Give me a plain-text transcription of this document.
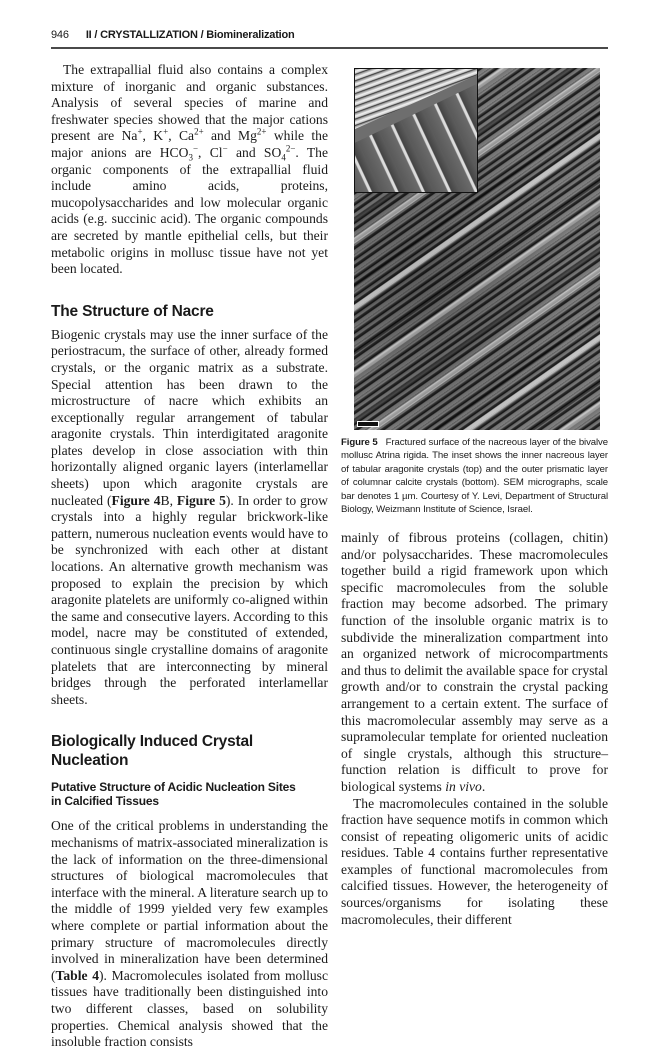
946 II / CRYSTALLIZATION / Biomineralization

The extrapallial fluid also contains a complex mixture of inorganic and organic substances. Analysis of several species of marine and freshwater species showed that the major cations present are Na+, K+, $Ca^{2+}$ and $Mg^{2+}$ while the major anions are $HCO_3^-$, Cl− and $SO_4^{2-}$. The organic components of the extrapallial fluid include amino acids, proteins, mucopolysaccharides and low molecular organic acids (e.g. succinic acid). The organic compounds are secreted by mantle epithelial cells, but their metabolic origins in mollusc tissue have not yet been located.

The Structure of Nacre

Biogenic crystals may use the inner surface of the periostracum, the surface of other, already formed crystals, or the organic matrix as a substrate. Special attention has been drawn to the microstructure of nacre which exhibits an exceptionally regular arrangement of tabular aragonite crystals. Thin interdigitated aragonite plates develop in close association with thin horizontally aligned organic layers (interlamellar sheets) upon which aragonite crystals are nucleated (Figure 4B, Figure 5). In order to grow crystals into a highly regular brickwork-like pattern, numerous nucleation events would have to be synchronized with each other at distant locations. An alternative growth mechanism was proposed to explain the precision by which aragonite platelets are uniformly co-aligned within the same and consecutive layers. According to this model, nacre may be constituted of extended, continuous single crystalline domains of aragonite platelets that are interconnecting by mineral bridges through the perforated interlamellar sheets.

Biologically Induced Crystal Nucleation
Putative Structure of Acidic Nucleation Sites in Calcified Tissues

One of the critical problems in understanding the mechanisms of matrix-associated mineralization is the lack of information on the three-dimensional structures of biological macromolecules that interface with the mineral. A literature search up to the middle of 1999 yielded very few examples where complete or partial information about the primary structure of macromolecules directly involved in mineralization have been determined (Table 4). Macromolecules isolated from mollusc tissues have traditionally been distinguished into two different classes, based on solubility properties. Chemical analysis showed that the insoluble fraction consists

Figure 5 Fractured surface of the nacreous layer of the bivalve mollusc Atrina rigida. The inset shows the inner nacreous layer of tabular aragonite crystals (top) and the outer prismatic layer of columnar calcite crystals (bottom). SEM micrographs, scale bar denotes 1 µm. Courtesy of Y. Levi, Department of Structural Biology, Weizmann Institute of Science, Israel.

mainly of fibrous proteins (collagen, chitin) and/or polysaccharides. These macromolecules together build a rigid framework upon which specific macromolecules from the soluble fraction may become adsorbed. The primary function of the insoluble organic matrix is to subdivide the mineralization compartment into an organized network of microcompartments and thus to delimit the available space for crystal growth and/or to constrain the crystal packing arrangement to a certain extent. The surface of this macromolecular assembly may serve as a supramolecular template for oriented nucleation of single crystals, although this structure–function relation is difficult to prove for biological systems in vivo.

The macromolecules contained in the soluble fraction have sequence motifs in common which consist of repeating oligomeric units of acidic residues. Table 4 contains further representative examples of functional macromolecules from calcified tissues. However, the heterogeneity of sources/organisms for isolating these macromolecules, their different
